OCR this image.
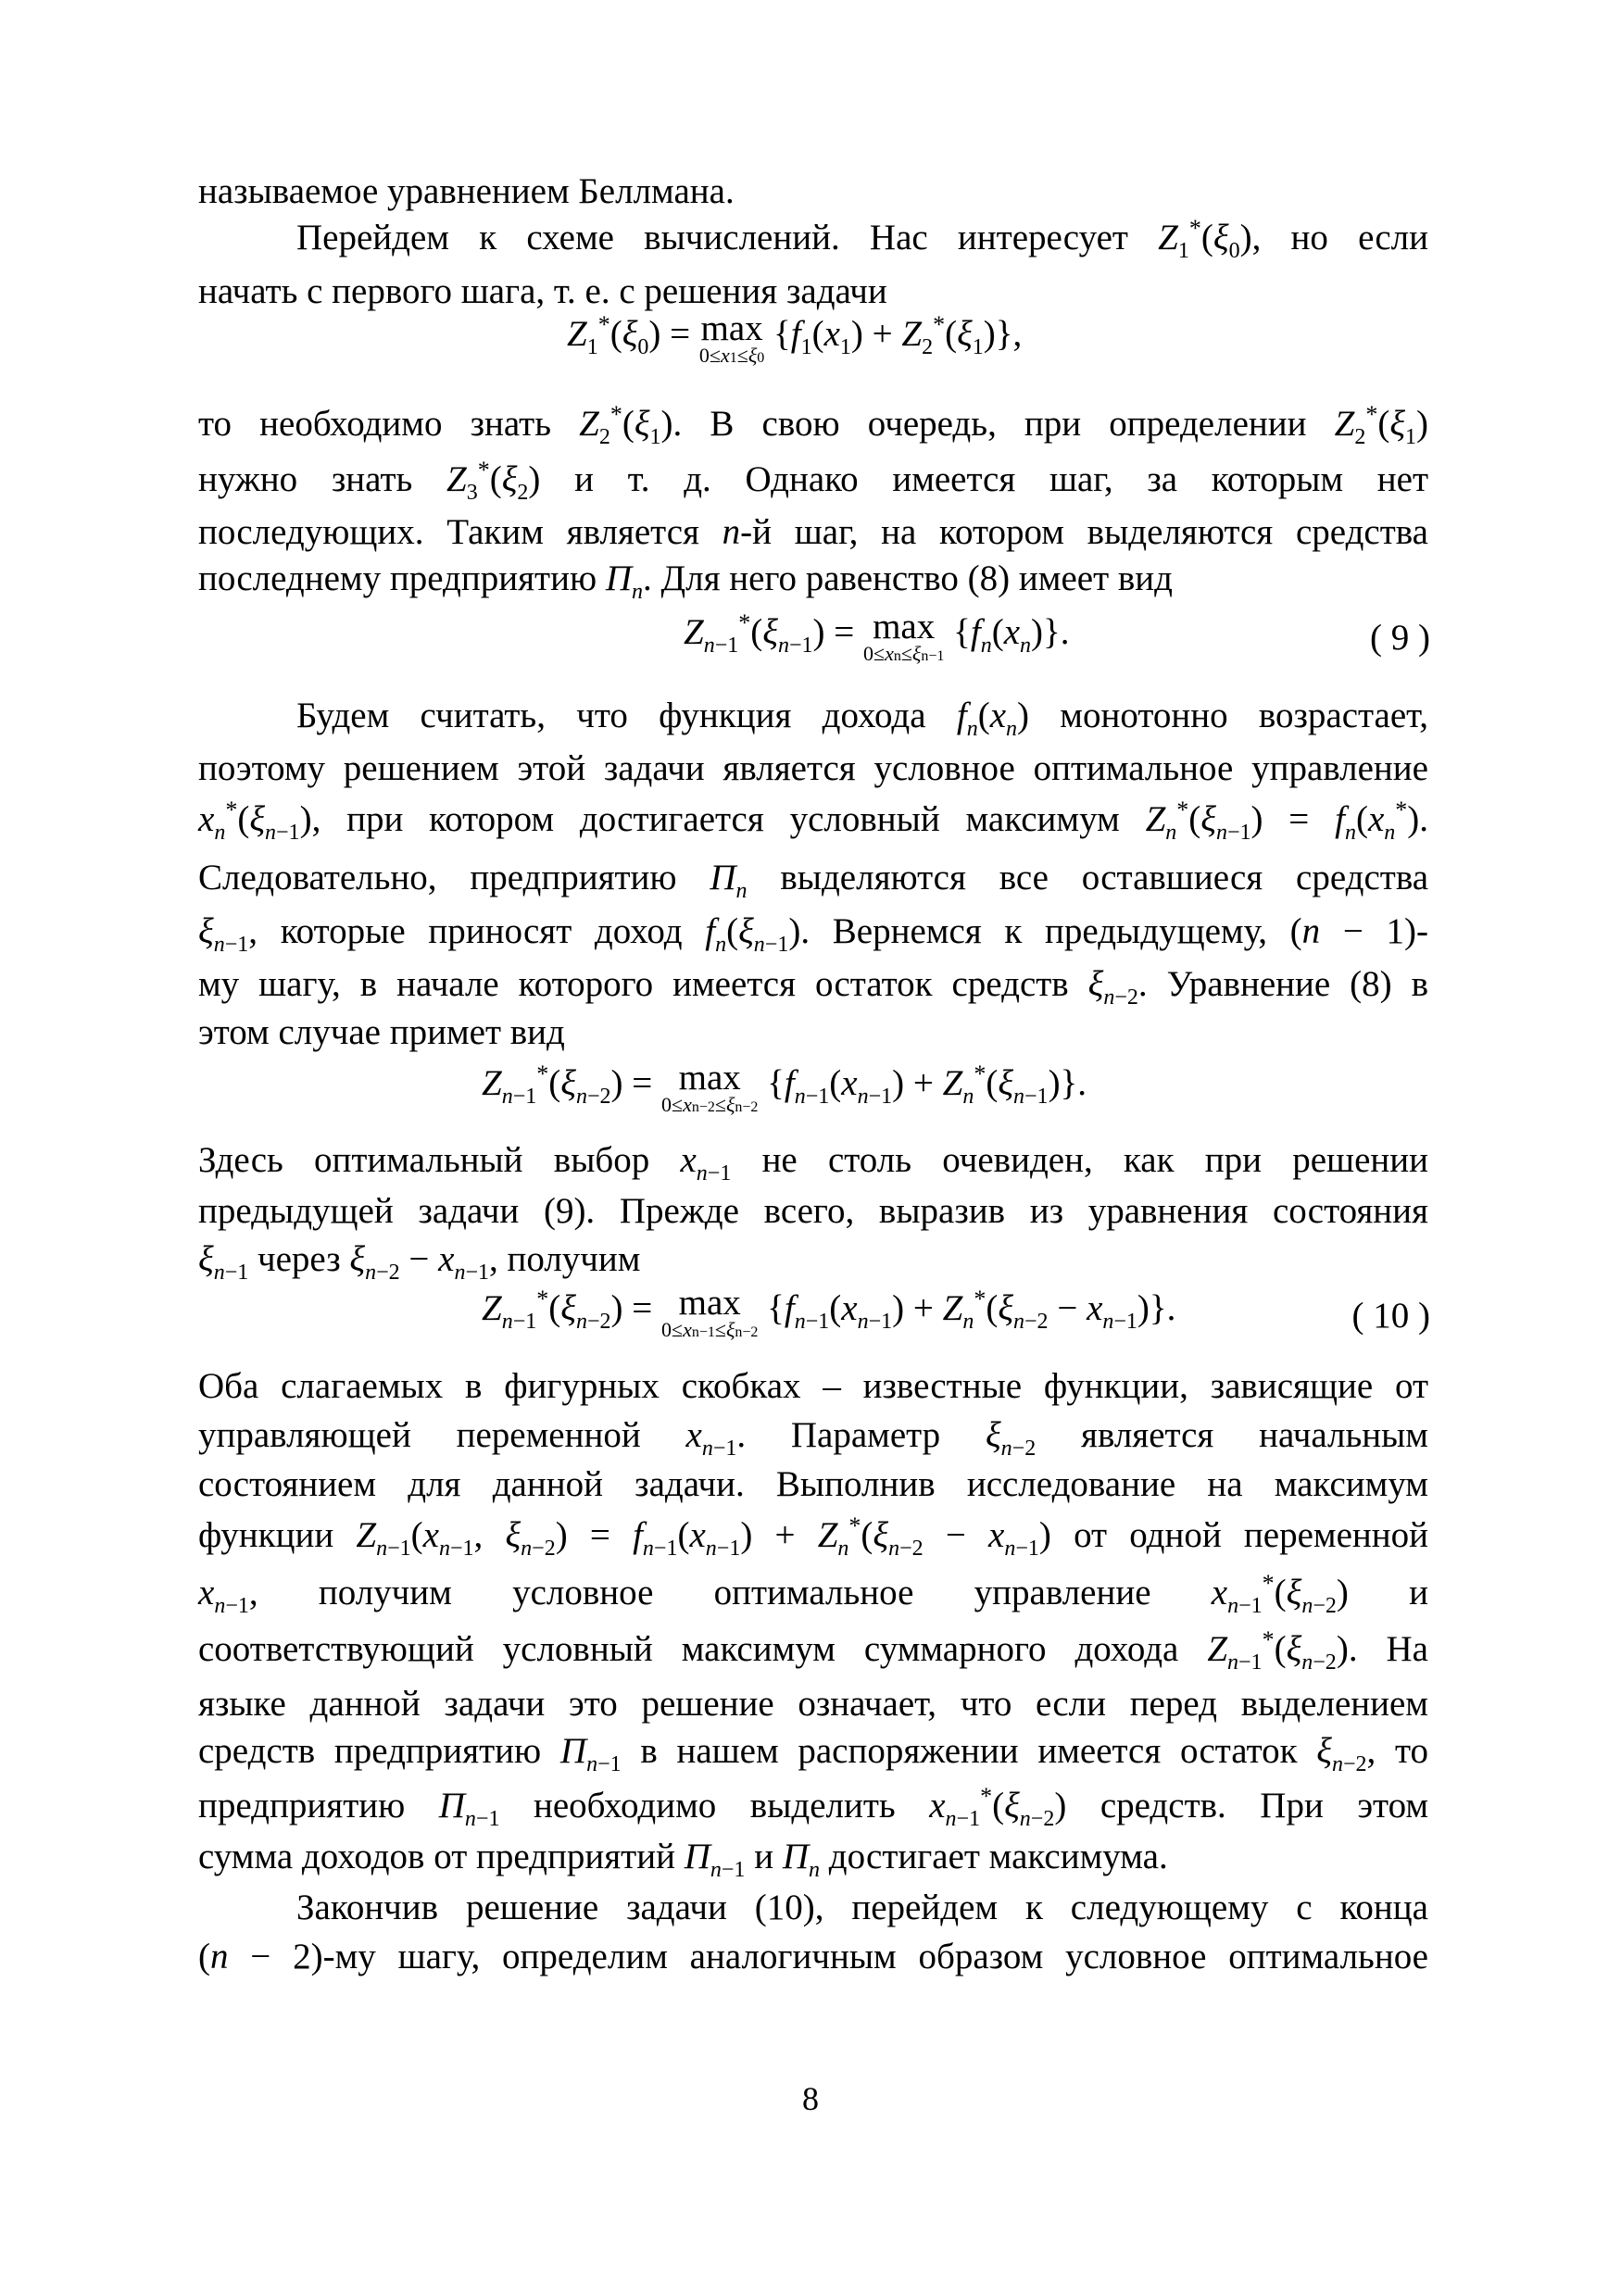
называемое уравнением Беллмана.

Перейдем к схеме вычислений. Нас интересует $Z_1^*(\xi_0)$, но если

начать с первого шага, т. е. с решения задачи

$Z_1^*(\xi_0) = \max$
0≤x1≤ξ0
$\{f_1(x_1) + Z_2^*(\xi_1)\}$,

то необходимо знать $Z_2^*(\xi_1)$. В свою очередь, при определении $Z_2^*(\xi_1)$

нужно знать $Z_3^*(\xi_2)$ и т. д. Однако имеется шаг, за которым нет

последующих. Таким является n-й шаг, на котором выделяются средства

последнему предприятию $\Pi_n$. Для него равенство (8) имеет вид

$Z_{n-1}^*(\xi_{n-1}) = \max$
0≤xn≤ξn−1
$\{f_n(x_n)\}$.	( 9 )

Будем считать, что функция дохода $f_n(x_n)$ монотонно возрастает,

поэтому решением этой задачи является условное оптимальное управление

$x_n^*(\xi_{n-1})$, при котором достигается условный максимум $Z_n^*(\xi_{n-1}) = f_n(x_n^*)$.

Следовательно, предприятию $\Pi_n$ выделяются все оставшиеся средства

$\xi_{n-1}$, которые приносят доход $f_n(\xi_{n-1})$. Вернемся к предыдущему, (n − 1)-

му шагу, в начале которого имеется остаток средств $\xi_{n-2}$. Уравнение (8) в

этом случае примет вид

$Z_{n-1}^*(\xi_{n-2}) = \max$
0≤xn−2≤ξn−2
$\{f_{n-1}(x_{n-1}) + Z_n^*(\xi_{n-1})\}$.

Здесь оптимальный выбор $x_{n-1}$ не столь очевиден, как при решении

предыдущей задачи (9). Прежде всего, выразив из уравнения состояния

$\xi_{n-1}$ через $\xi_{n-2} - x_{n-1}$, получим

$Z_{n-1}^*(\xi_{n-2}) = \max$
0≤xn−1≤ξn−2
$\{f_{n-1}(x_{n-1}) + Z_n^*(\xi_{n-2} - x_{n-1})\}$.	( 10 )

Оба слагаемых в фигурных скобках – известные функции, зависящие от

управляющей переменной $x_{n-1}$. Параметр $\xi_{n-2}$ является начальным

состоянием для данной задачи. Выполнив исследование на максимум

функции $Z_{n-1}(x_{n-1}$, $\xi_{n-2}) = f_{n-1}(x_{n-1}) + Z_n^*(\xi_{n-2} - x_{n-1})$ от одной переменной

$x_{n-1}$, получим условное оптимальное управление $x_{n-1}^*(\xi_{n-2})$ и

соответствующий условный максимум суммарного дохода $Z_{n-1}^*(\xi_{n-2})$. На

языке данной задачи это решение означает, что если перед выделением

средств предприятию $\Pi_{n-1}$ в нашем распоряжении имеется остаток $\xi_{n-2}$, то

предприятию $\Pi_{n-1}$ необходимо выделить $x_{n-1}^*(\xi_{n-2})$ средств. При этом

сумма доходов от предприятий $\Pi_{n-1}$ и $\Pi_n$ достигает максимума.

Закончив решение задачи (10), перейдем к следующему с конца

(n − 2)-му шагу, определим аналогичным образом условное оптимальное

8
